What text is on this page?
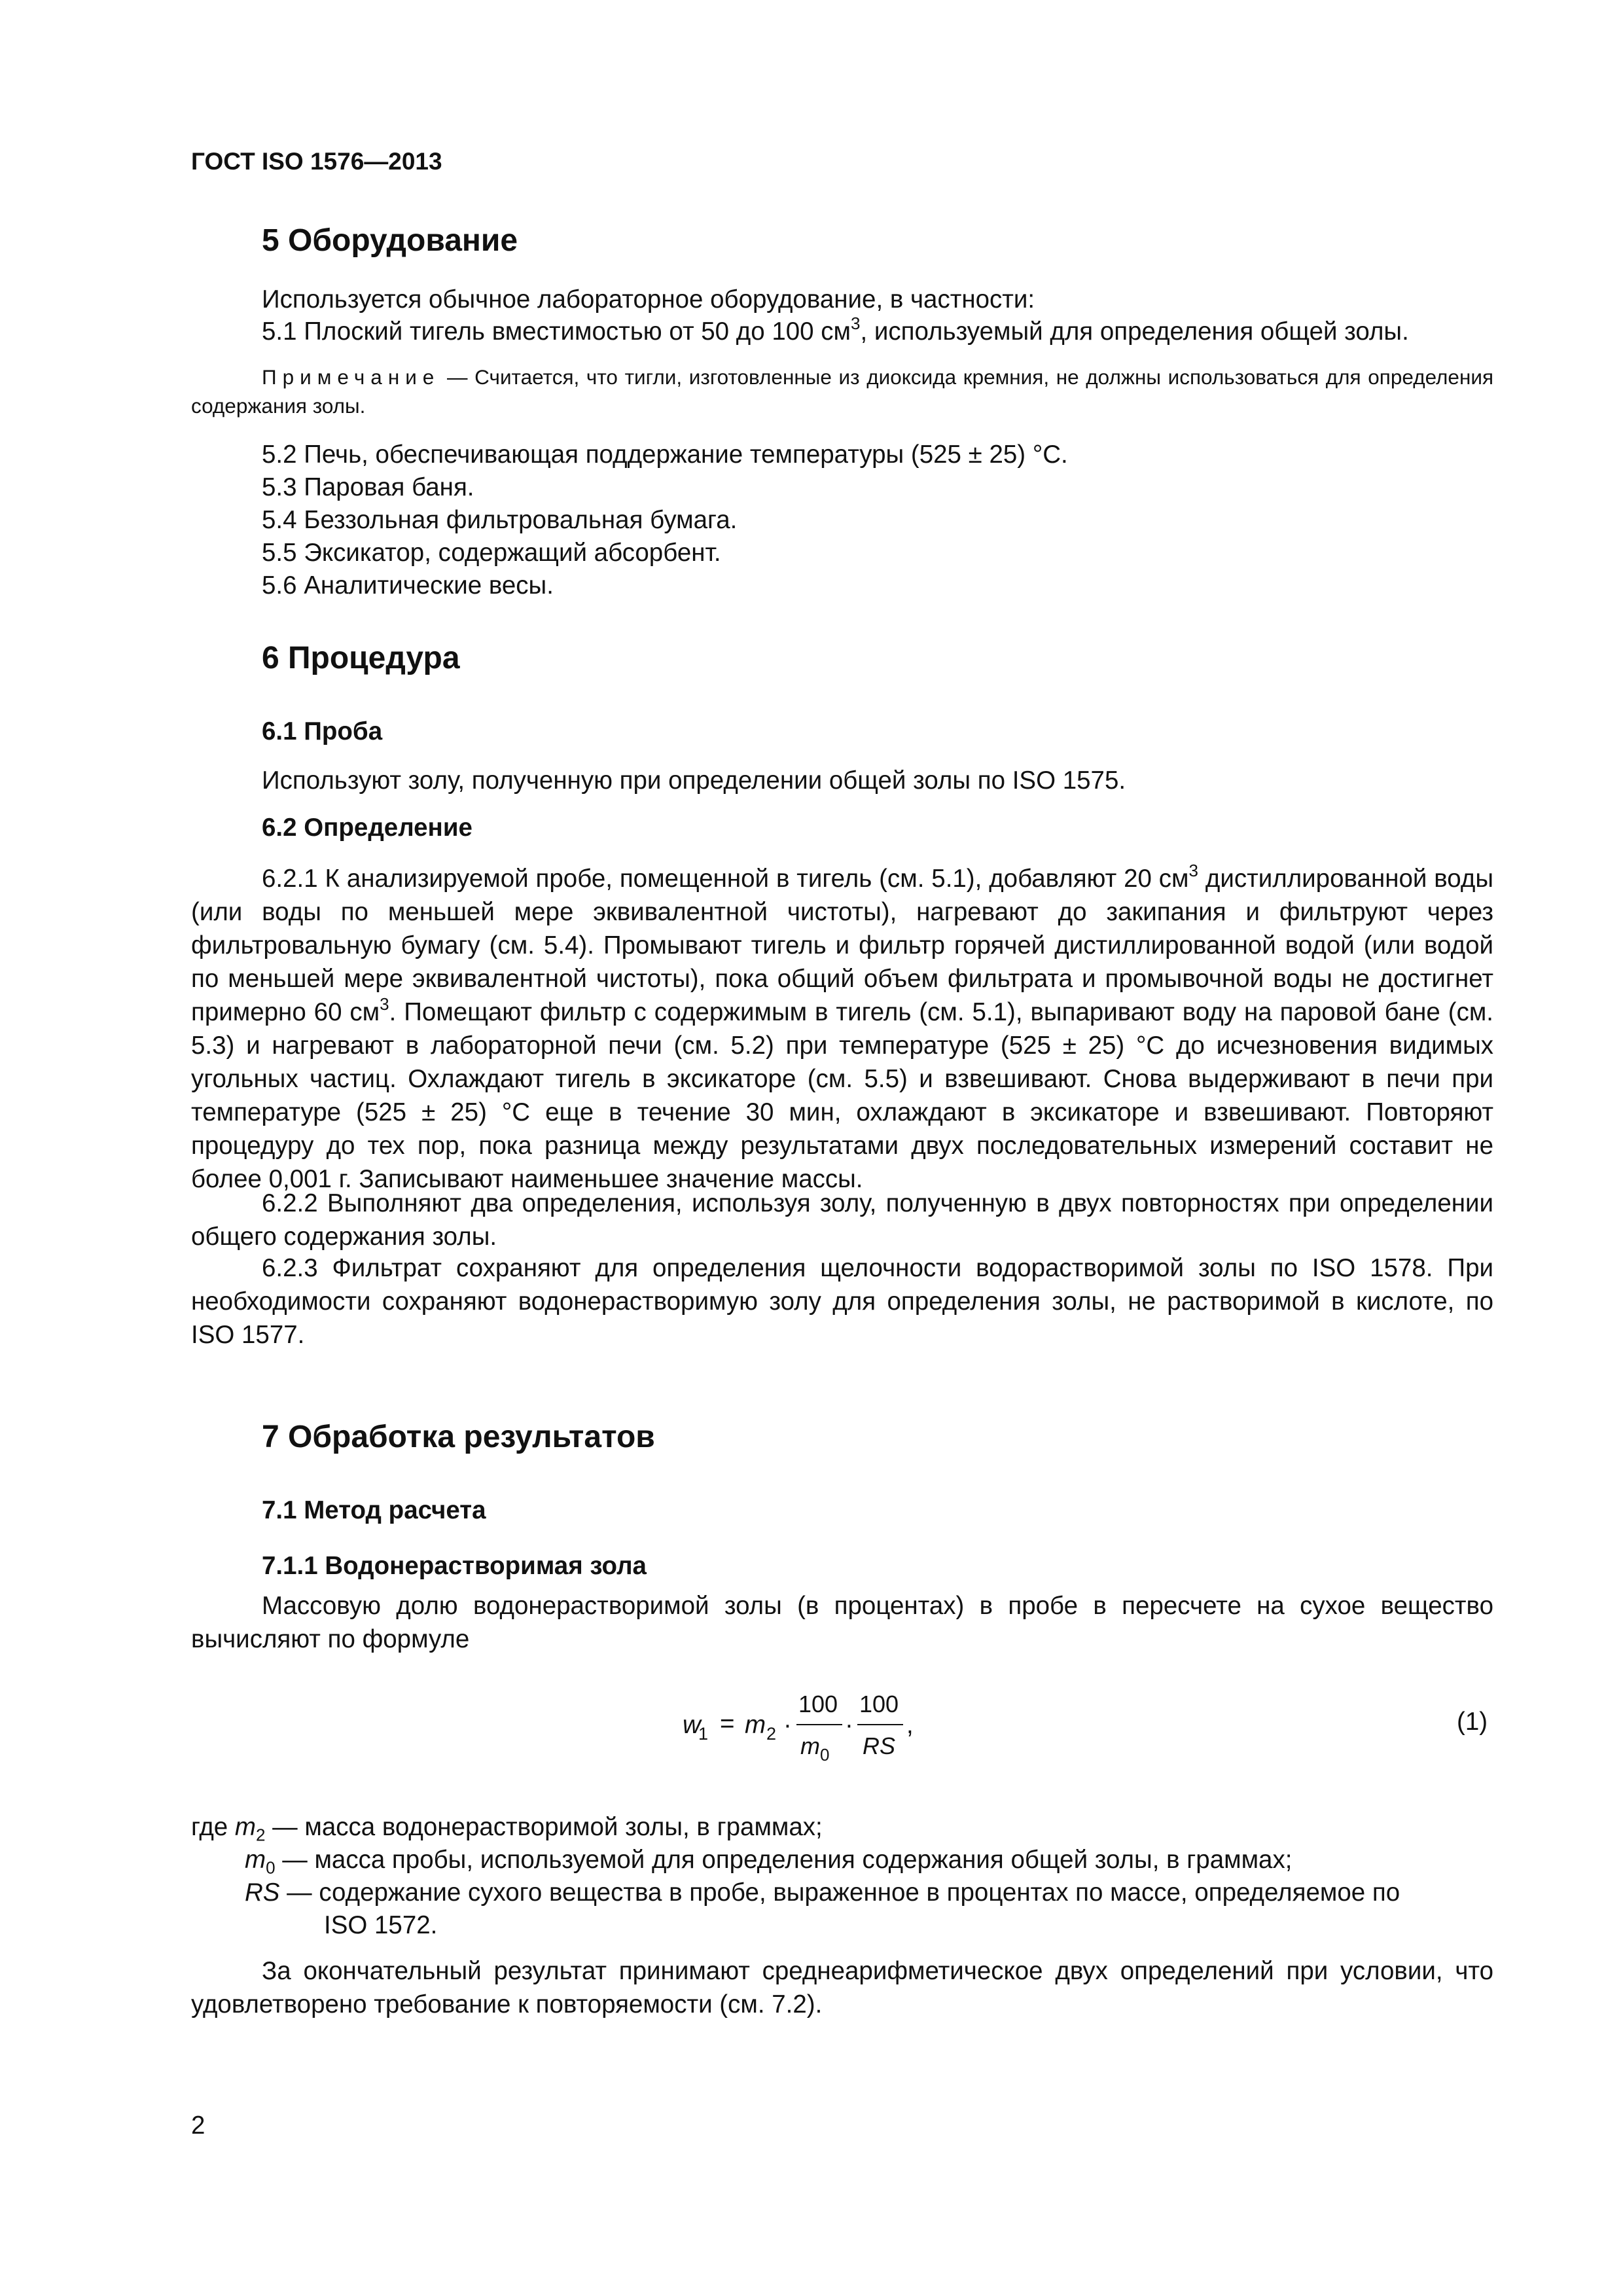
ГОСТ ISO 1576—2013
5 Оборудование

Используется обычное лабораторное оборудование, в частности:

5.1 Плоский тигель вместимостью от 50 до 100 $см^3$, используемый для определения общей золы.

Примечание — Считается, что тигли, изготовленные из диоксида кремния, не должны использоваться для определения содержания золы.

5.2 Печь, обеспечивающая поддержание температуры (525 ± 25) °С.

5.3 Паровая баня.

5.4 Беззольная фильтровальная бумага.

5.5 Эксикатор, содержащий абсорбент.

5.6 Аналитические весы.

6 Процедура
6.1 Проба

Используют золу, полученную при определении общей золы по ISO 1575.

6.2 Определение

6.2.1 К анализируемой пробе, помещенной в тигель (см. 5.1), добавляют 20 $см^3$ дистиллированной воды (или воды по меньшей мере эквивалентной чистоты), нагревают до закипания и фильтруют через фильтровальную бумагу (см. 5.4). Промывают тигель и фильтр горячей дистиллированной водой (или водой по меньшей мере эквивалентной чистоты), пока общий объем фильтрата и промывочной воды не достигнет примерно 60 $см^3$. Помещают фильтр с содержимым в тигель (см. 5.1), выпаривают воду на паровой бане (см. 5.3) и нагревают в лабораторной печи (см. 5.2) при температуре (525 ± 25) °С до исчезновения видимых угольных частиц. Охлаждают тигель в эксикаторе (см. 5.5) и взвешивают. Снова выдерживают в печи при температуре (525 ± 25) °С еще в течение 30 мин, охлаждают в эксикаторе и взвешивают. Повторяют процедуру до тех пор, пока разница между результатами двух последовательных измерений составит не более 0,001 г. Записывают наименьшее значение массы.

6.2.2 Выполняют два определения, используя золу, полученную в двух повторностях при определении общего содержания золы.

6.2.3 Фильтрат сохраняют для определения щелочности водорастворимой золы по ISO 1578. При необходимости сохраняют водонерастворимую золу для определения золы, не растворимой в кислоте, по ISO 1577.

7 Обработка результатов
7.1 Метод расчета
7.1.1 Водонерастворимая зола

Массовую долю водонерастворимой золы (в процентах) в пробе в пересчете на сухое вещество вычисляют по формуле

w
1 = m 2 ·
100
m 0
·
100
RS
,	(1)
где $m_2$ — масса водонерастворимой золы, в граммах;
$m_0$ — масса пробы, используемой для определения содержания общей золы, в граммах;
RS — содержание сухого вещества в пробе, выраженное в процентах по массе, определяемое по
ISO 1572.

За окончательный результат принимают среднеарифметическое двух определений при условии, что удовлетворено требование к повторяемости (см. 7.2).

2
